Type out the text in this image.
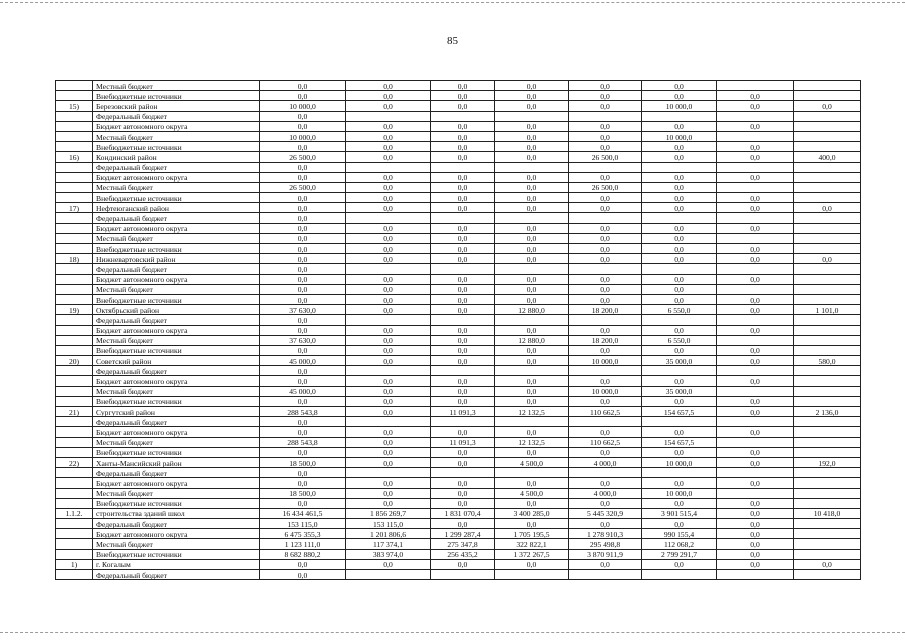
85
	Местный бюджет	0,0	0,0	0,0	0,0	0,0	0,0		
	Внебюджетные источники	0,0	0,0	0,0	0,0	0,0	0,0	0,0	
15)	Березовский район	10 000,0	0,0	0,0	0,0	0,0	10 000,0	0,0	0,0
	Федеральный бюджет	0,0							
	Бюджет автономного округа	0,0	0,0	0,0	0,0	0,0	0,0	0,0	
	Местный бюджет	10 000,0	0,0	0,0	0,0	0,0	10 000,0		
	Внебюджетные источники	0,0	0,0	0,0	0,0	0,0	0,0	0,0	
16)	Кондинский район	26 500,0	0,0	0,0	0,0	26 500,0	0,0	0,0	400,0
	Федеральный бюджет	0,0							
	Бюджет автономного округа	0,0	0,0	0,0	0,0	0,0	0,0	0,0	
	Местный бюджет	26 500,0	0,0	0,0	0,0	26 500,0	0,0		
	Внебюджетные источники	0,0	0,0	0,0	0,0	0,0	0,0	0,0	
17)	Нефтеюганский район	0,0	0,0	0,0	0,0	0,0	0,0	0,0	0,0
	Федеральный бюджет	0,0							
	Бюджет автономного округа	0,0	0,0	0,0	0,0	0,0	0,0	0,0	
	Местный бюджет	0,0	0,0	0,0	0,0	0,0	0,0		
	Внебюджетные источники	0,0	0,0	0,0	0,0	0,0	0,0	0,0	
18)	Нижневартовский район	0,0	0,0	0,0	0,0	0,0	0,0	0,0	0,0
	Федеральный бюджет	0,0							
	Бюджет автономного округа	0,0	0,0	0,0	0,0	0,0	0,0	0,0	
	Местный бюджет	0,0	0,0	0,0	0,0	0,0	0,0		
	Внебюджетные источники	0,0	0,0	0,0	0,0	0,0	0,0	0,0	
19)	Октябрьский район	37 630,0	0,0	0,0	12 880,0	18 200,0	6 550,0	0,0	1 101,0
	Федеральный бюджет	0,0							
	Бюджет автономного округа	0,0	0,0	0,0	0,0	0,0	0,0	0,0	
	Местный бюджет	37 630,0	0,0	0,0	12 880,0	18 200,0	6 550,0		
	Внебюджетные источники	0,0	0,0	0,0	0,0	0,0	0,0	0,0	
20)	Советский район	45 000,0	0,0	0,0	0,0	10 000,0	35 000,0	0,0	580,0
	Федеральный бюджет	0,0							
	Бюджет автономного округа	0,0	0,0	0,0	0,0	0,0	0,0	0,0	
	Местный бюджет	45 000,0	0,0	0,0	0,0	10 000,0	35 000,0		
	Внебюджетные источники	0,0	0,0	0,0	0,0	0,0	0,0	0,0	
21)	Сургутский район	288 543,8	0,0	11 091,3	12 132,5	110 662,5	154 657,5	0,0	2 136,0
	Федеральный бюджет	0,0							
	Бюджет автономного округа	0,0	0,0	0,0	0,0	0,0	0,0	0,0	
	Местный бюджет	288 543,8	0,0	11 091,3	12 132,5	110 662,5	154 657,5		
	Внебюджетные источники	0,0	0,0	0,0	0,0	0,0	0,0	0,0	
22)	Ханты-Мансийский район	18 500,0	0,0	0,0	4 500,0	4 000,0	10 000,0	0,0	192,0
	Федеральный бюджет	0,0							
	Бюджет автономного округа	0,0	0,0	0,0	0,0	0,0	0,0	0,0	
	Местный бюджет	18 500,0	0,0	0,0	4 500,0	4 000,0	10 000,0		
	Внебюджетные источники	0,0	0,0	0,0	0,0	0,0	0,0	0,0	
1.1.2.	строительства зданий школ	16 434 461,5	1 856 269,7	1 831 070,4	3 400 285,0	5 445 320,9	3 901 515,4	0,0	10 418,0
	Федеральный бюджет	153 115,0	153 115,0	0,0	0,0	0,0	0,0	0,0	
	Бюджет автономного округа	6 475 355,3	1 201 806,6	1 299 287,4	1 705 195,5	1 278 910,3	990 155,4	0,0	
	Местный бюджет	1 123 111,0	117 374,1	275 347,8	322 822,1	295 498,8	112 068,2	0,0	
	Внебюджетные источники	8 682 880,2	383 974,0	256 435,2	1 372 267,5	3 870 911,9	2 799 291,7	0,0	
1)	г. Когалым	0,0	0,0	0,0	0,0	0,0	0,0	0,0	0,0
	Федеральный бюджет	0,0							
